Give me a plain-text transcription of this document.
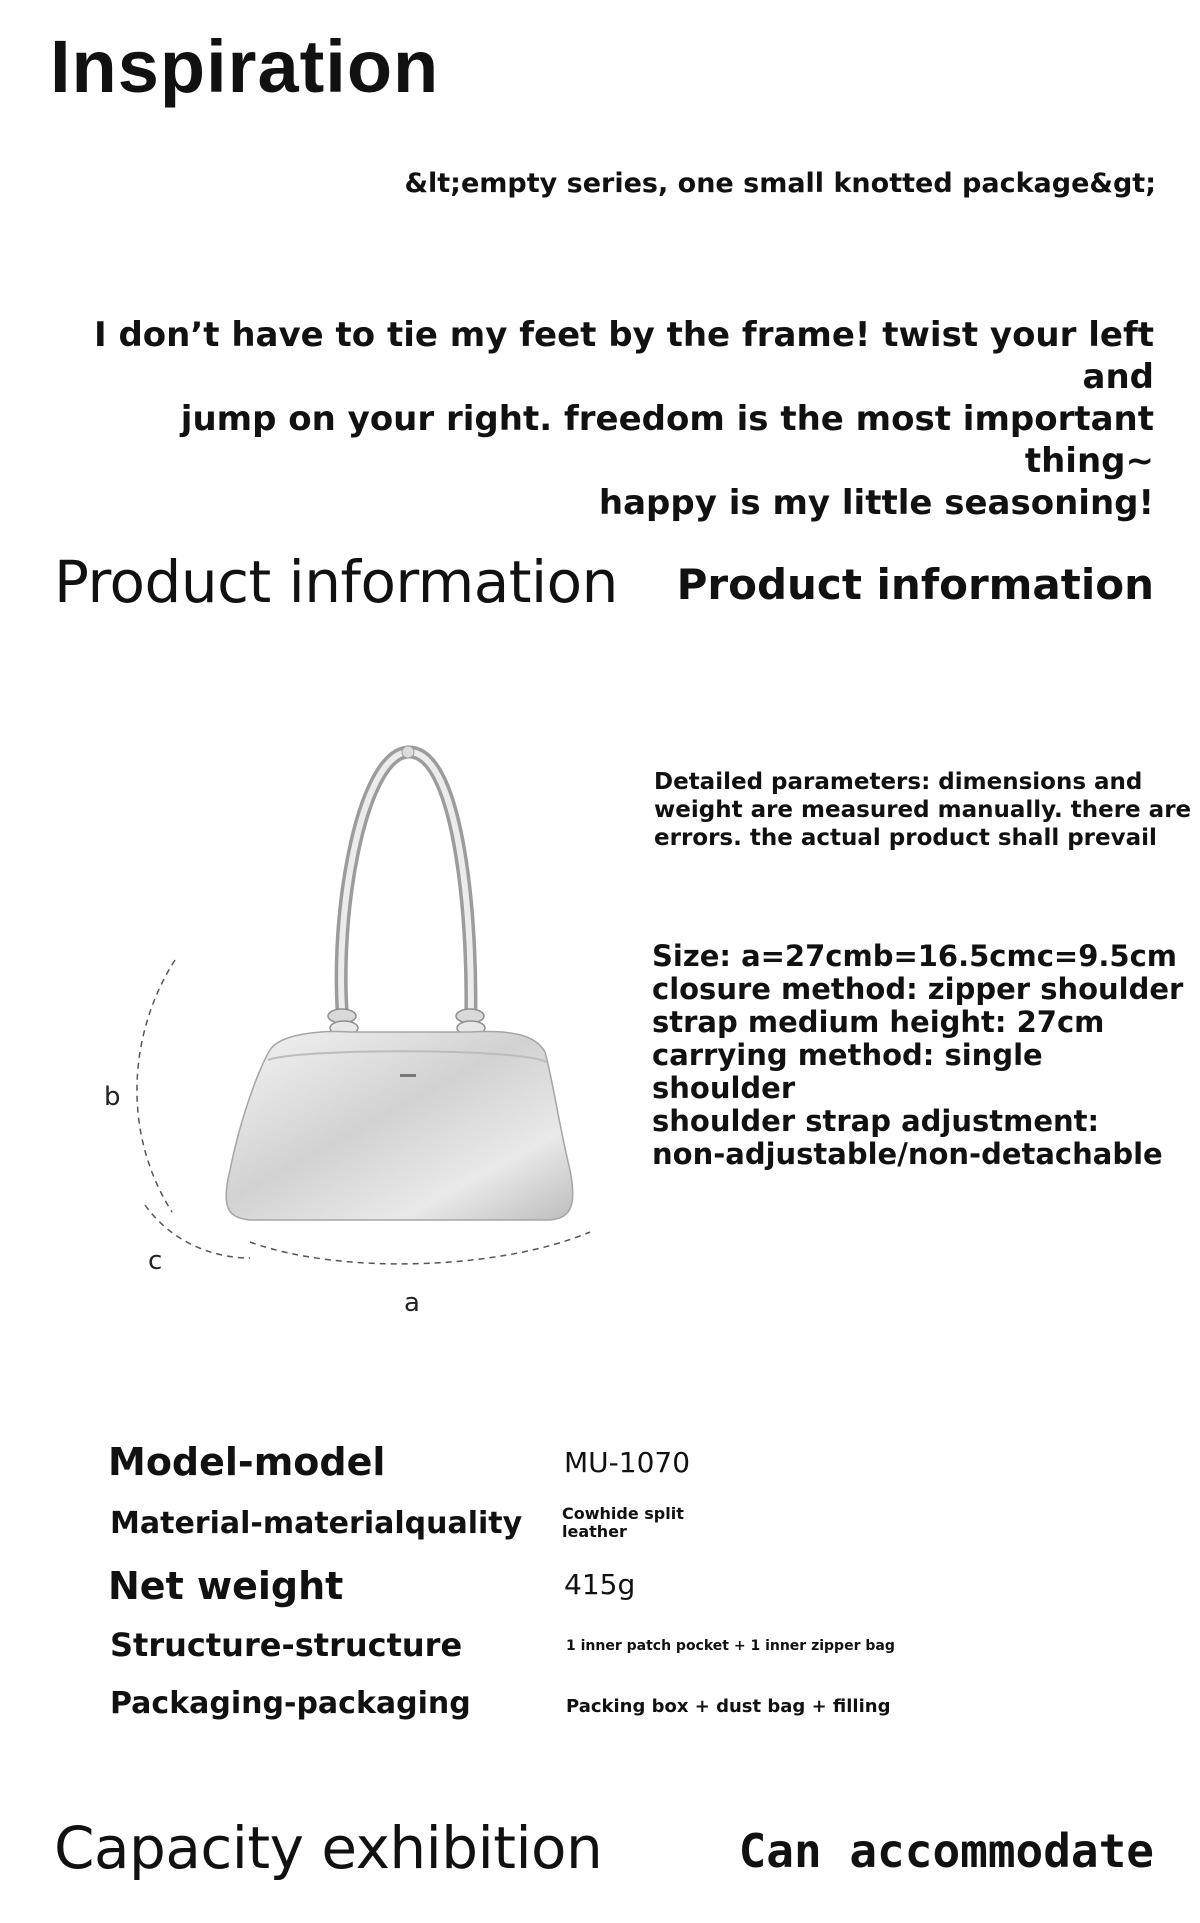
Inspiration
&lt;empty series, one small knotted package&gt;
I don’t have to tie my feet by the frame! twist your left and
jump on your right. freedom is the most important thing~
happy is my little seasoning!
Product information Product information
b
c
a
Detailed parameters: dimensions and
weight are measured manually. there are
errors. the actual product shall prevail
Size: a=27cmb=16.5cmc=9.5cm
closure method: zipper shoulder
strap medium height: 27cm
carrying method: single shoulder
shoulder strap adjustment:
non-adjustable/non-detachable
Model-model	MU-1070
Material-materialquality Cowhide split
leather
Net weight	415g
Structure-structure	1 inner patch pocket + 1 inner zipper bag
Packaging-packaging	Packing box + dust bag + filling
Capacity exhibition	Can accommodate
